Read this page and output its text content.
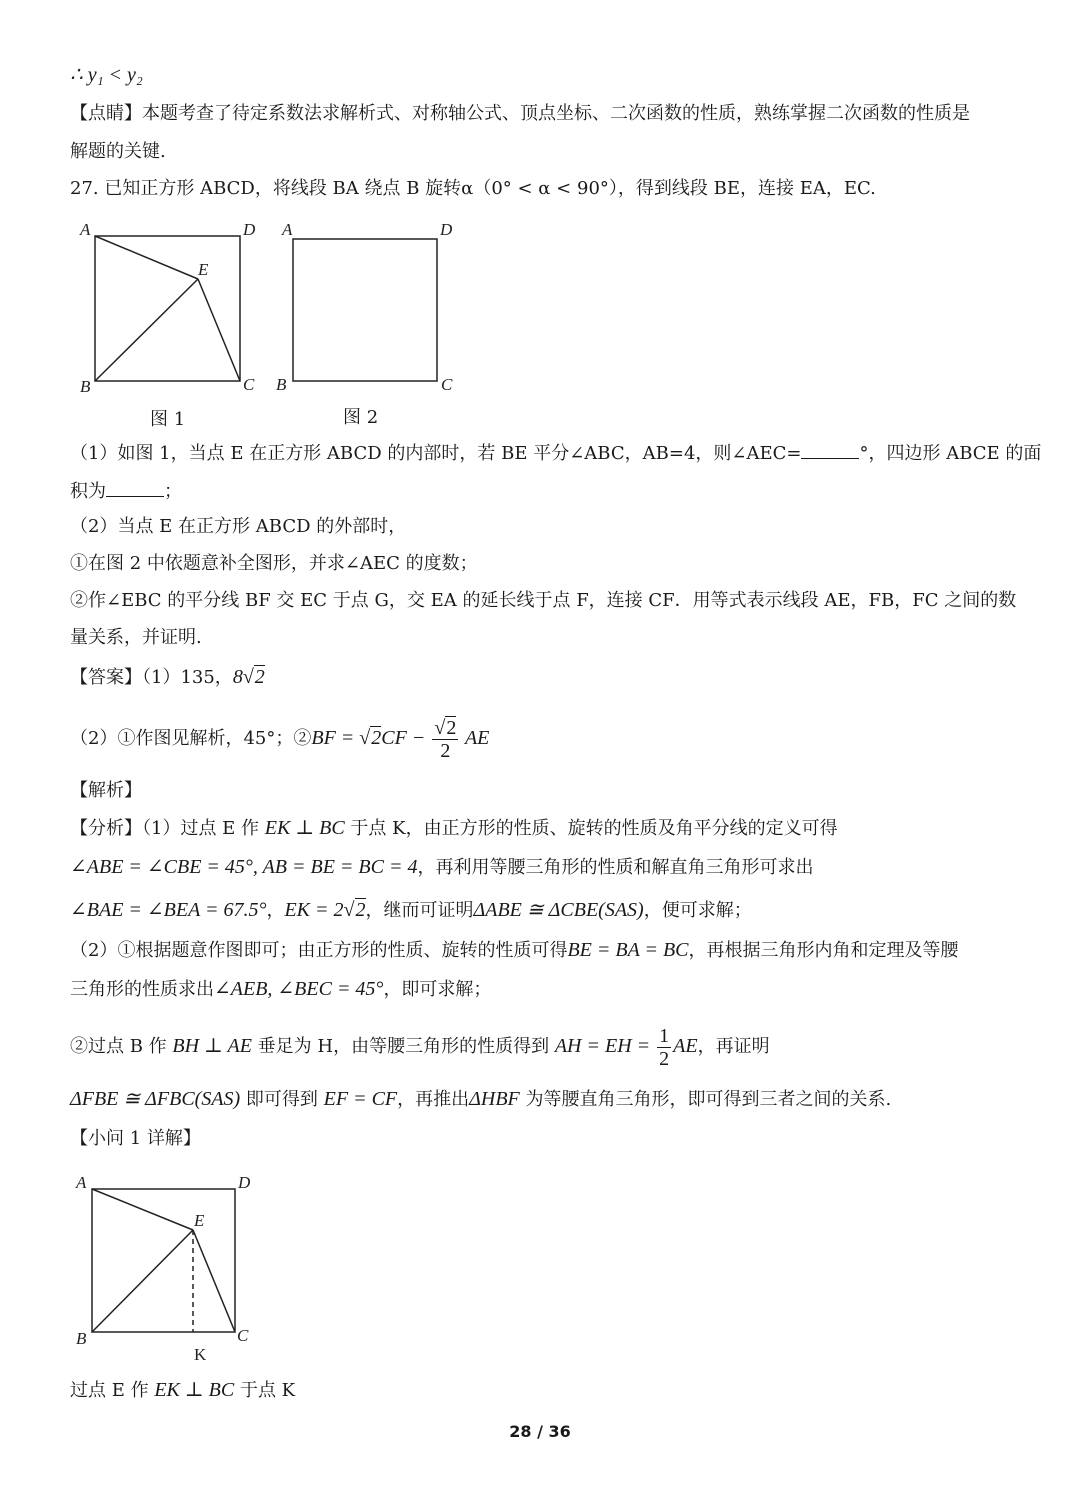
∴ y₁ < y₂
【点睛】本题考查了待定系数法求解析式、对称轴公式、顶点坐标、二次函数的性质，熟练掌握二次函数的性质是
解题的关键.
27. 已知正方形 ABCD，将线段 BA 绕点 B 旋转α（0° < α < 90°），得到线段 BE，连接 EA，EC.
A	D
E
B	C
图 1
A	D
B	C
图 2
（1）如图 1，当点 E 在正方形 ABCD 的内部时，若 BE 平分∠ABC，AB=4，则∠AEC=	°，四边形 ABCE 的面
积为	；
（2）当点 E 在正方形 ABCD 的外部时，
①在图 2 中依题意补全图形，并求∠AEC 的度数；
②作∠EBC 的平分线 BF 交 EC 于点 G，交 EA 的延长线于点 F，连接 CF．用等式表示线段 AE，FB，FC 之间的数
量关系，并证明.
【答案】（1）135，8√2
（2）①作图见解析，45°；②BF = $√2CF - \frac{√2}{2}$ AE
【解析】
【分析】（1）过点 E 作 EK ⊥ BC 于点 K，由正方形的性质、旋转的性质及角平分线的定义可得
∠ABE = ∠CBE = 45°, AB = BE = BC = 4，再利用等腰三角形的性质和解直角三角形可求出
∠BAE = ∠BEA = 67.5°，EK = 2√2，继而可证明ΔABE ≅ ΔCBE(SAS)，便可求解；
（2）①根据题意作图即可；由正方形的性质、旋转的性质可得BE = BA = BC，再根据三角形内角和定理及等腰
三角形的性质求出∠AEB, ∠BEC = 45°，即可求解；
②过点 B 作 BH ⊥ AE 垂足为 H，由等腰三角形的性质得到 AH = EH = $\frac{1}{2}$ AE，再证明
ΔFBE ≅ ΔFBC(SAS) 即可得到 EF = CF，再推出ΔHBF 为等腰直角三角形，即可得到三者之间的关系.
【小问 1 详解】
A	D
E
B	C
K
过点 E 作 EK ⊥ BC 于点 K
28 / 36
